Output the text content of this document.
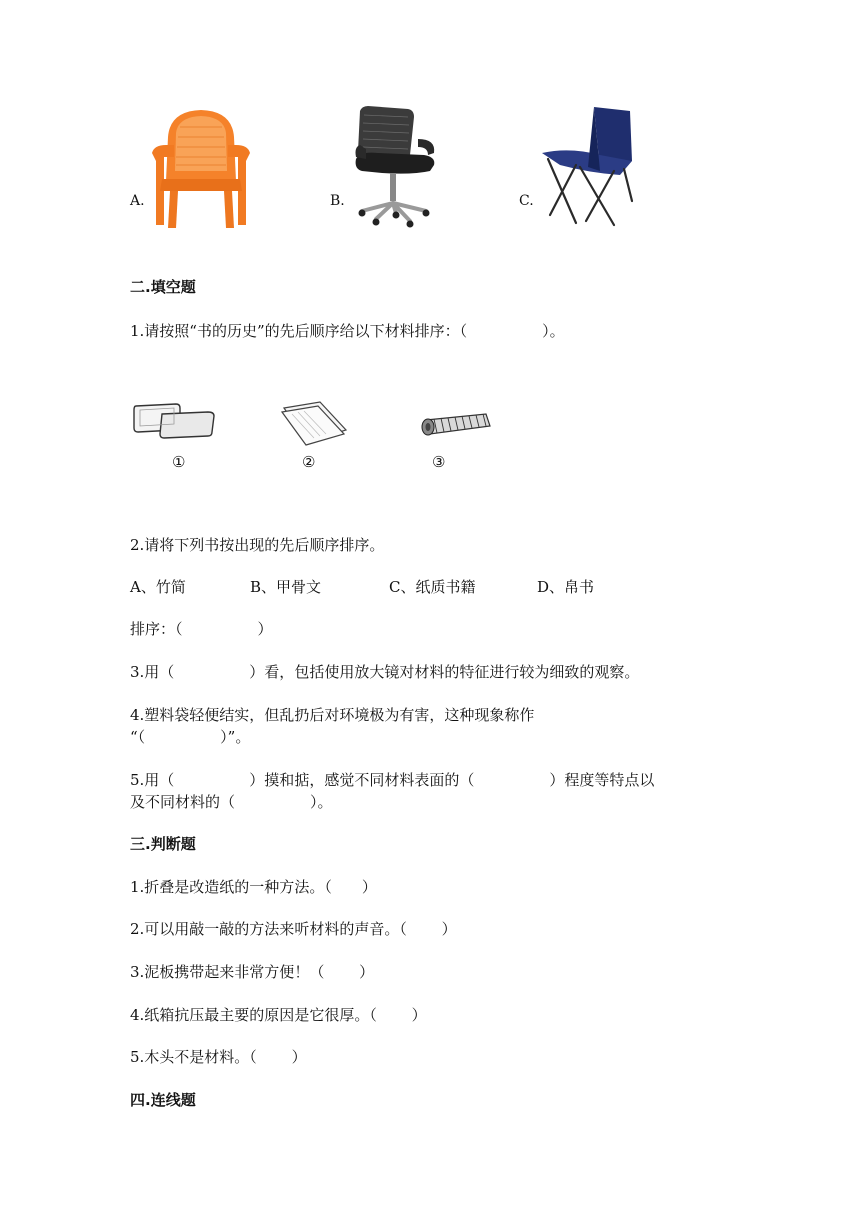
A.	B.	C.
二.填空题
1.请按照“书的历史”的先后顺序给以下材料排序：（　　　　　）。
①	②	③
2.请将下列书按出现的先后顺序排序。
A、竹简	B、甲骨文	C、纸质书籍	D、帛书
排序：（　　　　　）
3.用（　　　　　）看，包括使用放大镜对材料的特征进行较为细致的观察。
4.塑料袋轻便结实，但乱扔后对环境极为有害，这种现象称作
“（　　　　　）”。
5.用（　　　　　）摸和掂，感觉不同材料表面的（　　　　　）程度等特点以
及不同材料的（　　　　　）。
三.判断题
1.折叠是改造纸的一种方法。（　　）
2.可以用敲一敲的方法来听材料的声音。（　　 ）
3.泥板携带起来非常方便！（　　 ）
4.纸箱抗压最主要的原因是它很厚。（　　 ）
5.木头不是材料。（　　 ）
四.连线题
